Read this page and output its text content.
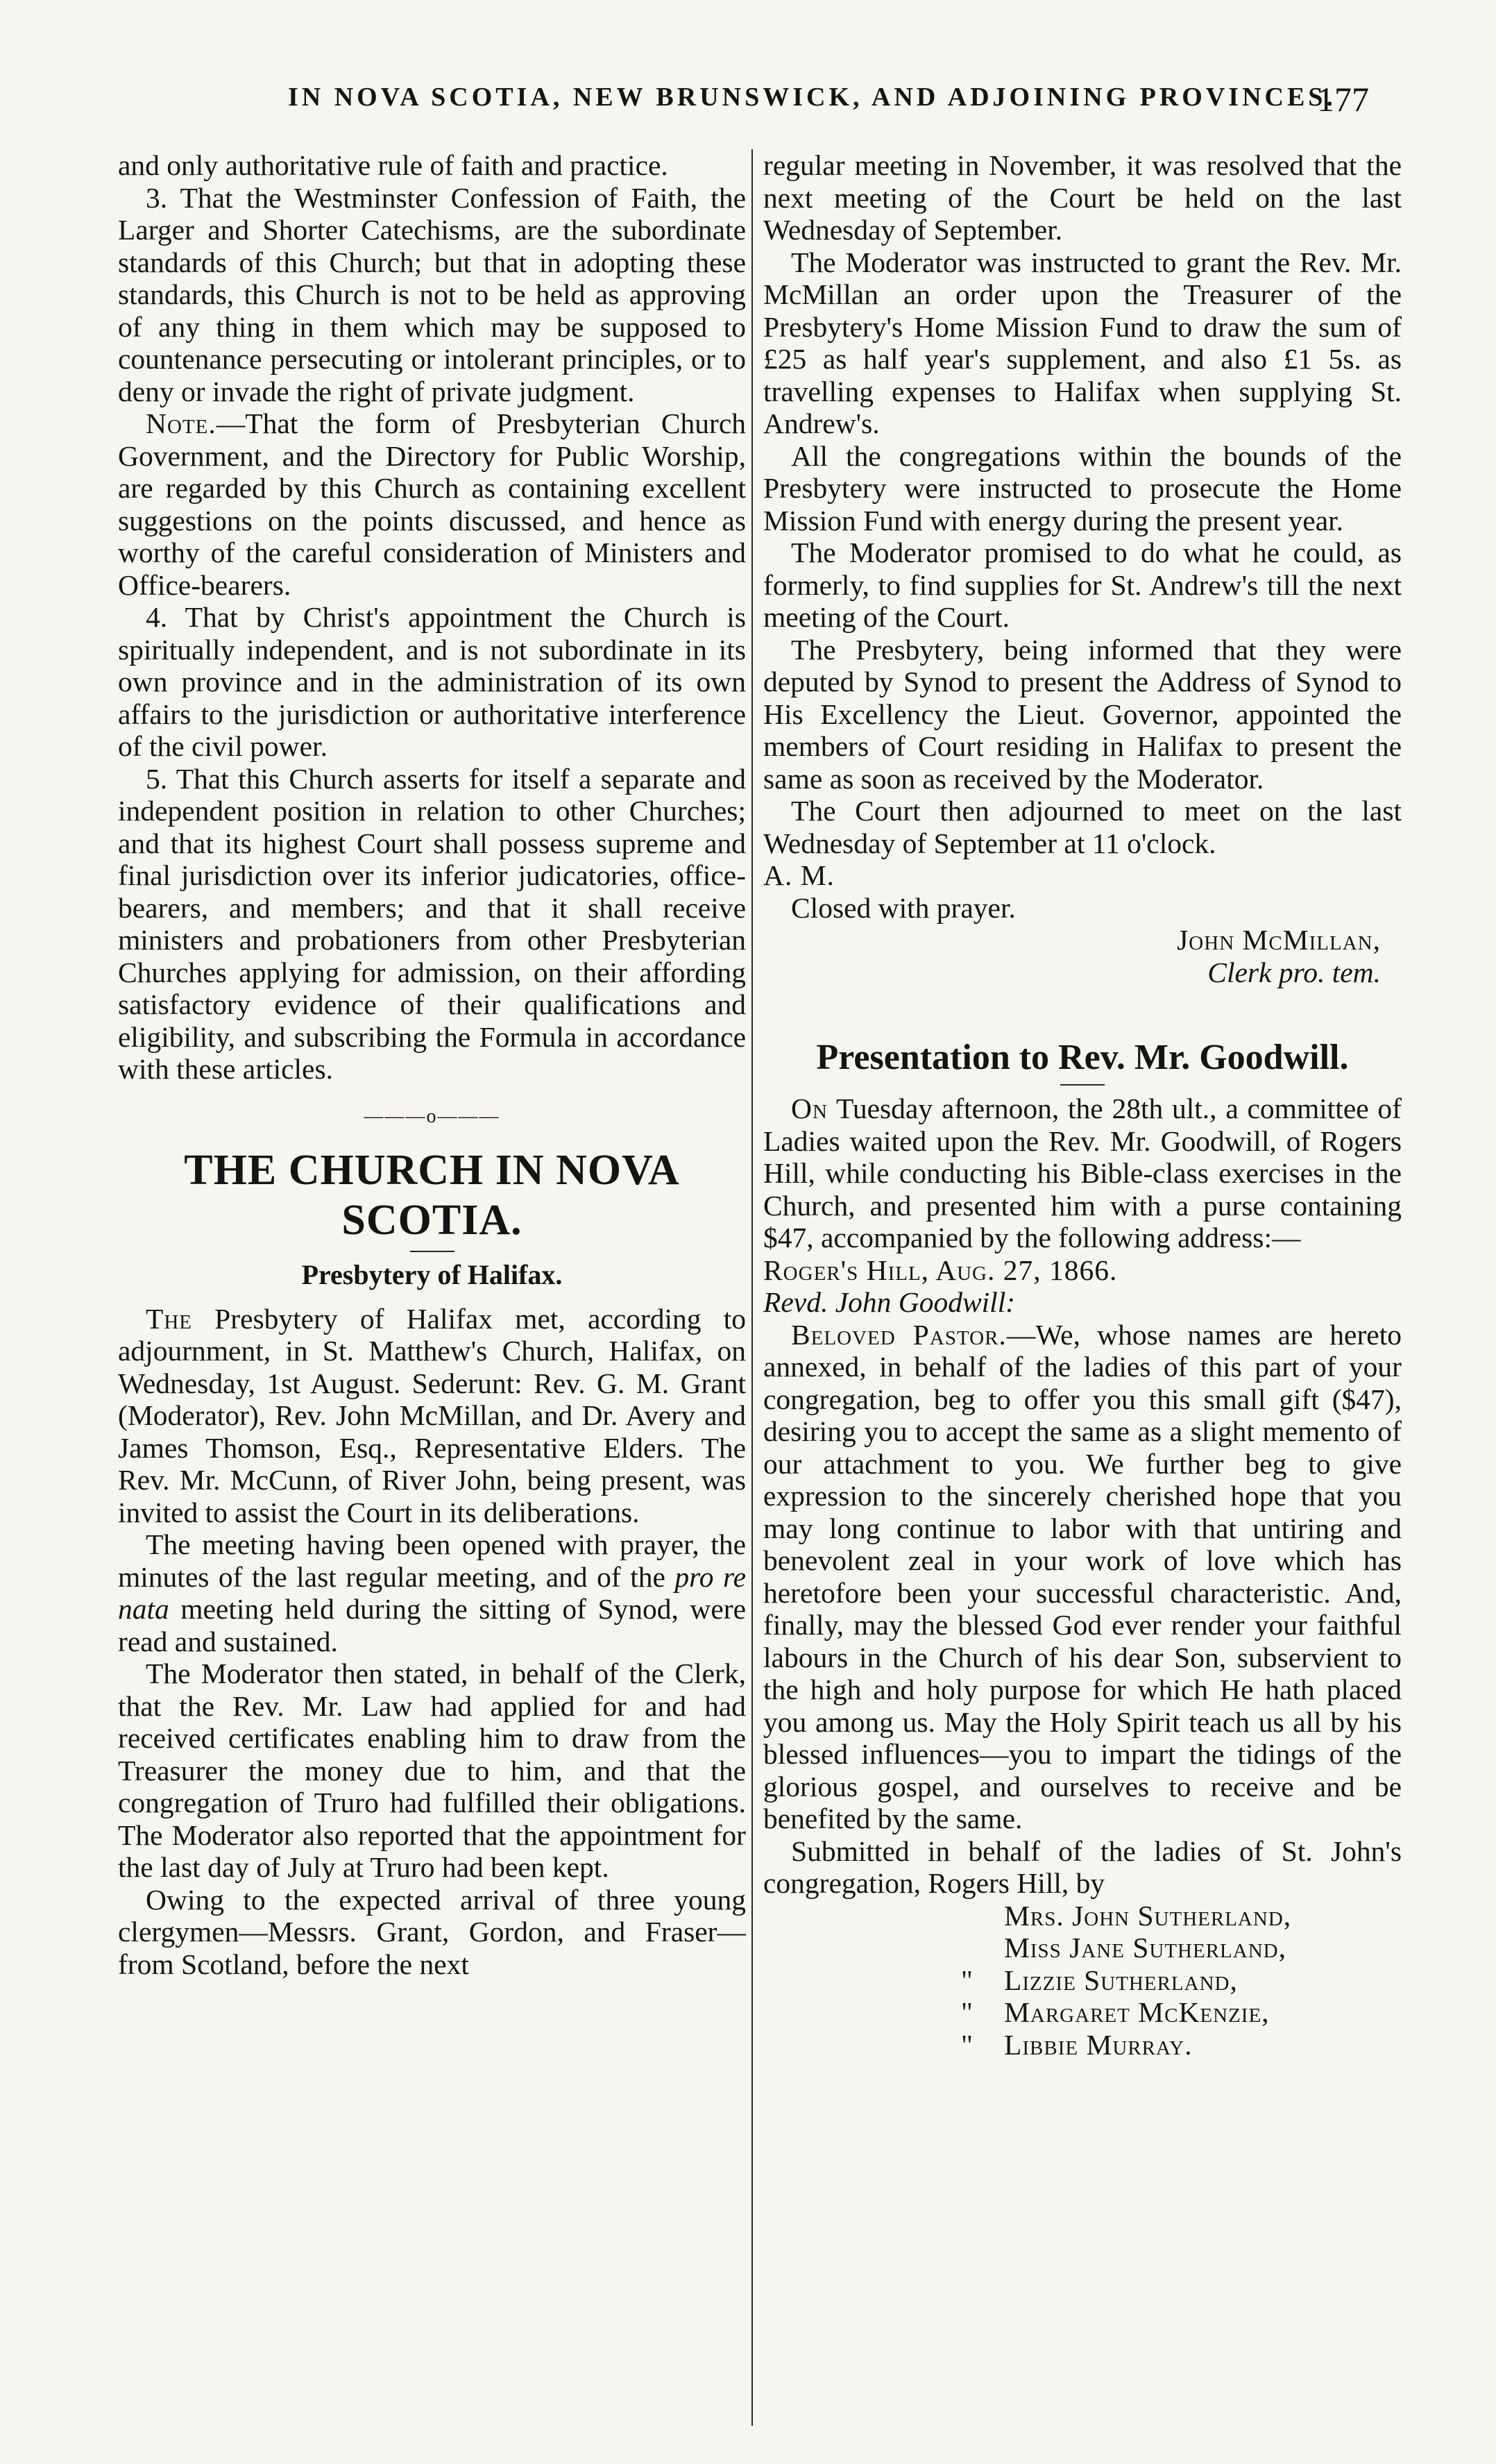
IN NOVA SCOTIA, NEW BRUNSWICK, AND ADJOINING PROVINCES.
177

and only authoritative rule of faith and practice.

3. That the Westminster Confession of Faith, the Larger and Shorter Catechisms, are the subordinate standards of this Church; but that in adopting these standards, this Church is not to be held as approving of any thing in them which may be supposed to countenance persecuting or intolerant principles, or to deny or invade the right of private judgment.

Note.—That the form of Presbyterian Church Government, and the Directory for Public Worship, are regarded by this Church as containing excellent suggestions on the points discussed, and hence as worthy of the careful consideration of Ministers and Office-bearers.

4. That by Christ's appointment the Church is spiritually independent, and is not subordinate in its own province and in the administration of its own affairs to the jurisdiction or authoritative interference of the civil power.

5. That this Church asserts for itself a separate and independent position in relation to other Churches; and that its highest Court shall possess supreme and final jurisdiction over its inferior judicatories, office-bearers, and members; and that it shall receive ministers and probationers from other Presbyterian Churches applying for admission, on their affording satisfactory evidence of their qualifications and eligibility, and subscribing the Formula in accordance with these articles.

———o———
THE CHURCH IN NOVA SCOTIA.
Presbytery of Halifax.

The Presbytery of Halifax met, according to adjournment, in St. Matthew's Church, Halifax, on Wednesday, 1st August. Sederunt: Rev. G. M. Grant (Moderator), Rev. John McMillan, and Dr. Avery and James Thomson, Esq., Representative Elders. The Rev. Mr. McCunn, of River John, being present, was invited to assist the Court in its deliberations.

The meeting having been opened with prayer, the minutes of the last regular meeting, and of the pro re nata meeting held during the sitting of Synod, were read and sustained.

The Moderator then stated, in behalf of the Clerk, that the Rev. Mr. Law had applied for and had received certificates enabling him to draw from the Treasurer the money due to him, and that the congregation of Truro had fulfilled their obligations. The Moderator also reported that the appointment for the last day of July at Truro had been kept.

Owing to the expected arrival of three young clergymen—Messrs. Grant, Gordon, and Fraser—from Scotland, before the next

regular meeting in November, it was resolved that the next meeting of the Court be held on the last Wednesday of September.

The Moderator was instructed to grant the Rev. Mr. McMillan an order upon the Treasurer of the Presbytery's Home Mission Fund to draw the sum of £25 as half year's supplement, and also £1 5s. as travelling expenses to Halifax when supplying St. Andrew's.

All the congregations within the bounds of the Presbytery were instructed to prosecute the Home Mission Fund with energy during the present year.

The Moderator promised to do what he could, as formerly, to find supplies for St. Andrew's till the next meeting of the Court.

The Presbytery, being informed that they were deputed by Synod to present the Address of Synod to His Excellency the Lieut. Governor, appointed the members of Court residing in Halifax to present the same as soon as received by the Moderator.

The Court then adjourned to meet on the last Wednesday of September at 11 o'clock.

A. M.

Closed with prayer.

John McMillan,

Clerk pro. tem.

Presentation to Rev. Mr. Goodwill.

On Tuesday afternoon, the 28th ult., a committee of Ladies waited upon the Rev. Mr. Goodwill, of Rogers Hill, while conducting his Bible-class exercises in the Church, and presented him with a purse containing $47, accompanied by the following address:—

Roger's Hill, Aug. 27, 1866.

Revd. John Goodwill:

Beloved Pastor.—We, whose names are hereto annexed, in behalf of the ladies of this part of your congregation, beg to offer you this small gift ($47), desiring you to accept the same as a slight memento of our attachment to you. We further beg to give expression to the sincerely cherished hope that you may long continue to labor with that untiring and benevolent zeal in your work of love which has heretofore been your successful characteristic. And, finally, may the blessed God ever render your faithful labours in the Church of his dear Son, subservient to the high and holy purpose for which He hath placed you among us. May the Holy Spirit teach us all by his blessed influences—you to impart the tidings of the glorious gospel, and ourselves to receive and be benefited by the same.

Submitted in behalf of the ladies of St. John's congregation, Rogers Hill, by

Mrs. John Sutherland,

Miss Jane Sutherland,

" Lizzie Sutherland,

" Margaret McKenzie,

" Libbie Murray.
